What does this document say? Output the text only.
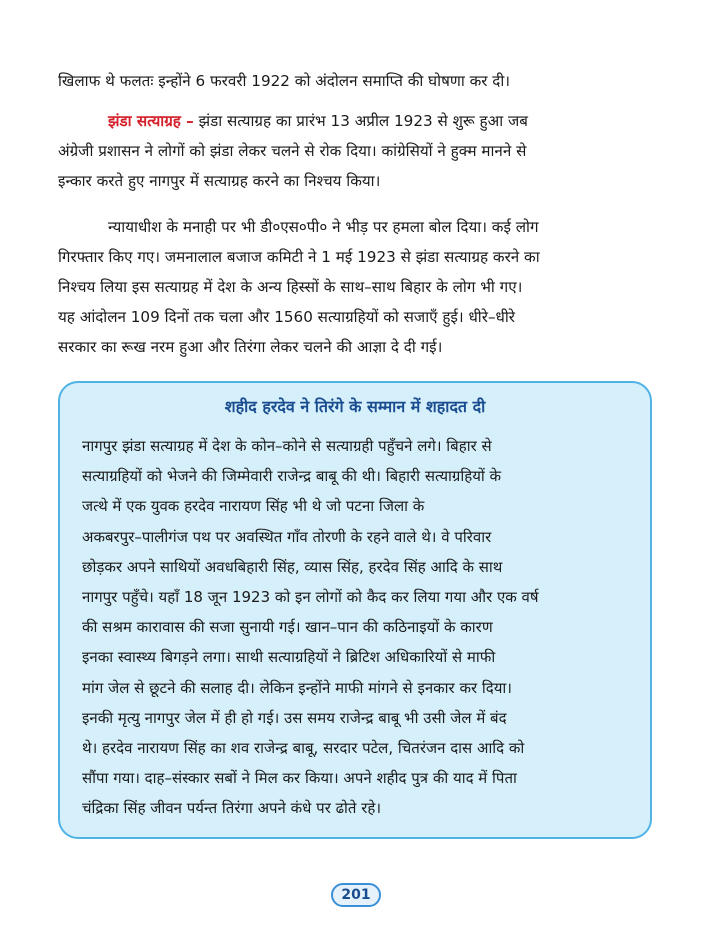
खिलाफ थे फलतः इन्होंने 6 फरवरी 1922 को अंदोलन समाप्ति की घोषणा कर दी।
झंडा सत्याग्रह – झंडा सत्याग्रह का प्रारंभ 13 अप्रील 1923 से शुरू हुआ जब
अंग्रेजी प्रशासन ने लोगों को झंडा लेकर चलने से रोक दिया। कांग्रेसियों ने हुक्म मानने से
इन्कार करते हुए नागपुर में सत्याग्रह करने का निश्चय किया।
न्यायाधीश के मनाही पर भी डी०एस०पी० ने भीड़ पर हमला बोल दिया। कई लोग
गिरफ्तार किए गए। जमनालाल बजाज कमिटी ने 1 मई 1923 से झंडा सत्याग्रह करने का
निश्चय लिया इस सत्याग्रह में देश के अन्य हिस्सों के साथ–साथ बिहार के लोग भी गए।
यह आंदोलन 109 दिनों तक चला और 1560 सत्याग्रहियों को सजाएँ हुई। धीरे–धीरे
सरकार का रूख नरम हुआ और तिरंगा लेकर चलने की आज्ञा दे दी गई।
शहीद हरदेव ने तिरंगे के सम्मान में शहादत दी
नागपुर झंडा सत्याग्रह में देश के कोन–कोने से सत्याग्रही पहुँचने लगे। बिहार से
सत्याग्रहियों को भेजने की जिम्मेवारी राजेन्द्र बाबू की थी। बिहारी सत्याग्रहियों के
जत्थे में एक युवक हरदेव नारायण सिंह भी थे जो पटना जिला के
अकबरपुर–पालीगंज पथ पर अवस्थित गाँव तोरणी के रहने वाले थे। वे परिवार
छोड़कर अपने साथियों अवधबिहारी सिंह, व्यास सिंह, हरदेव सिंह आदि के साथ
नागपुर पहुँचे। यहाँ 18 जून 1923 को इन लोगों को कैद कर लिया गया और एक वर्ष
की सश्रम कारावास की सजा सुनायी गई। खान–पान की कठिनाइयों के कारण
इनका स्वास्थ्य बिगड़ने लगा। साथी सत्याग्रहियों ने ब्रिटिश अधिकारियों से माफी
मांग जेल से छूटने की सलाह दी। लेकिन इन्होंने माफी मांगने से इनकार कर दिया।
इनकी मृत्यु नागपुर जेल में ही हो गई। उस समय राजेन्द्र बाबू भी उसी जेल में बंद
थे। हरदेव नारायण सिंह का शव राजेन्द्र बाबू, सरदार पटेल, चितरंजन दास आदि को
सौंपा गया। दाह–संस्कार सबों ने मिल कर किया। अपने शहीद पुत्र की याद में पिता
चंद्रिका सिंह जीवन पर्यन्त तिरंगा अपने कंधे पर ढोते रहे।
201
